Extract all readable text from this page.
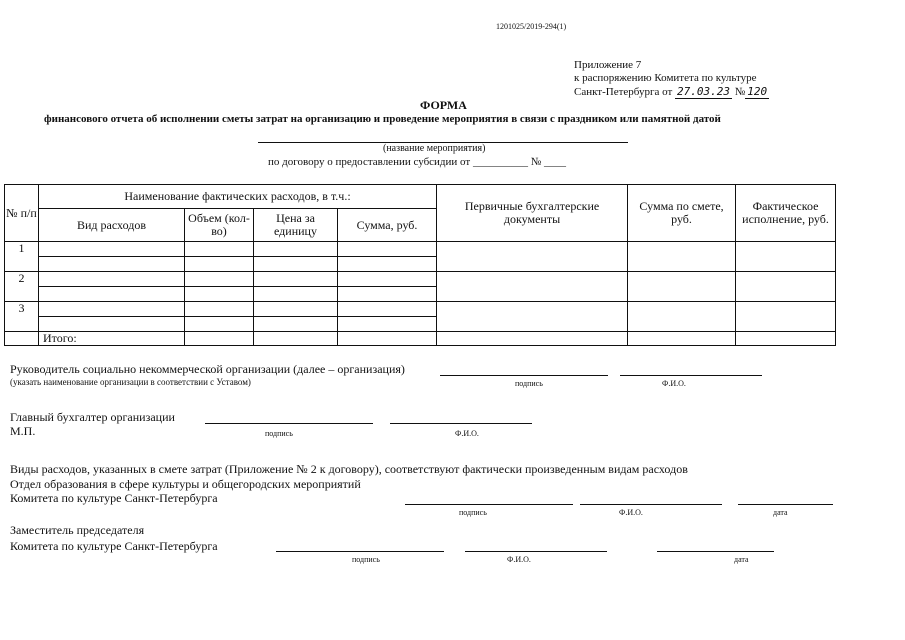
1201025/2019-294(1)
Приложение 7
к распоряжению Комитета по культуре
Санкт-Петербурга от 27.03.23 № 120
ФОРМА
финансового отчета об исполнении сметы затрат на организацию и проведение мероприятия в связи с праздником или памятной датой
(название мероприятия)
по договору о предоставлении субсидии от __________ № ____
№ п/п	Наименование фактических расходов, в т.ч.:				Первичные бухгалтерские документы	Сумма по смете, руб.	Фактическое исполнение, руб.
	Вид расходов	Объем (кол-во)	Цена за единицу	Сумма, руб.			
1							

2							

3							

	Итого:						
Руководитель социально некоммерческой организации (далее – организация)
(указать наименование организации в соответствии с Уставом)	подпись	Ф.И.О.
Главный бухгалтер организации
М.П.	подпись	Ф.И.О.
Виды расходов, указанных в смете затрат (Приложение № 2 к договору), соответствуют фактически произведенным видам расходов
Отдел образования в сфере культуры и общегородских мероприятий
Комитета по культуре Санкт-Петербурга
подпись	Ф.И.О.	дата
Заместитель председателя
Комитета по культуре Санкт-Петербурга
подпись	Ф.И.О.	дата
